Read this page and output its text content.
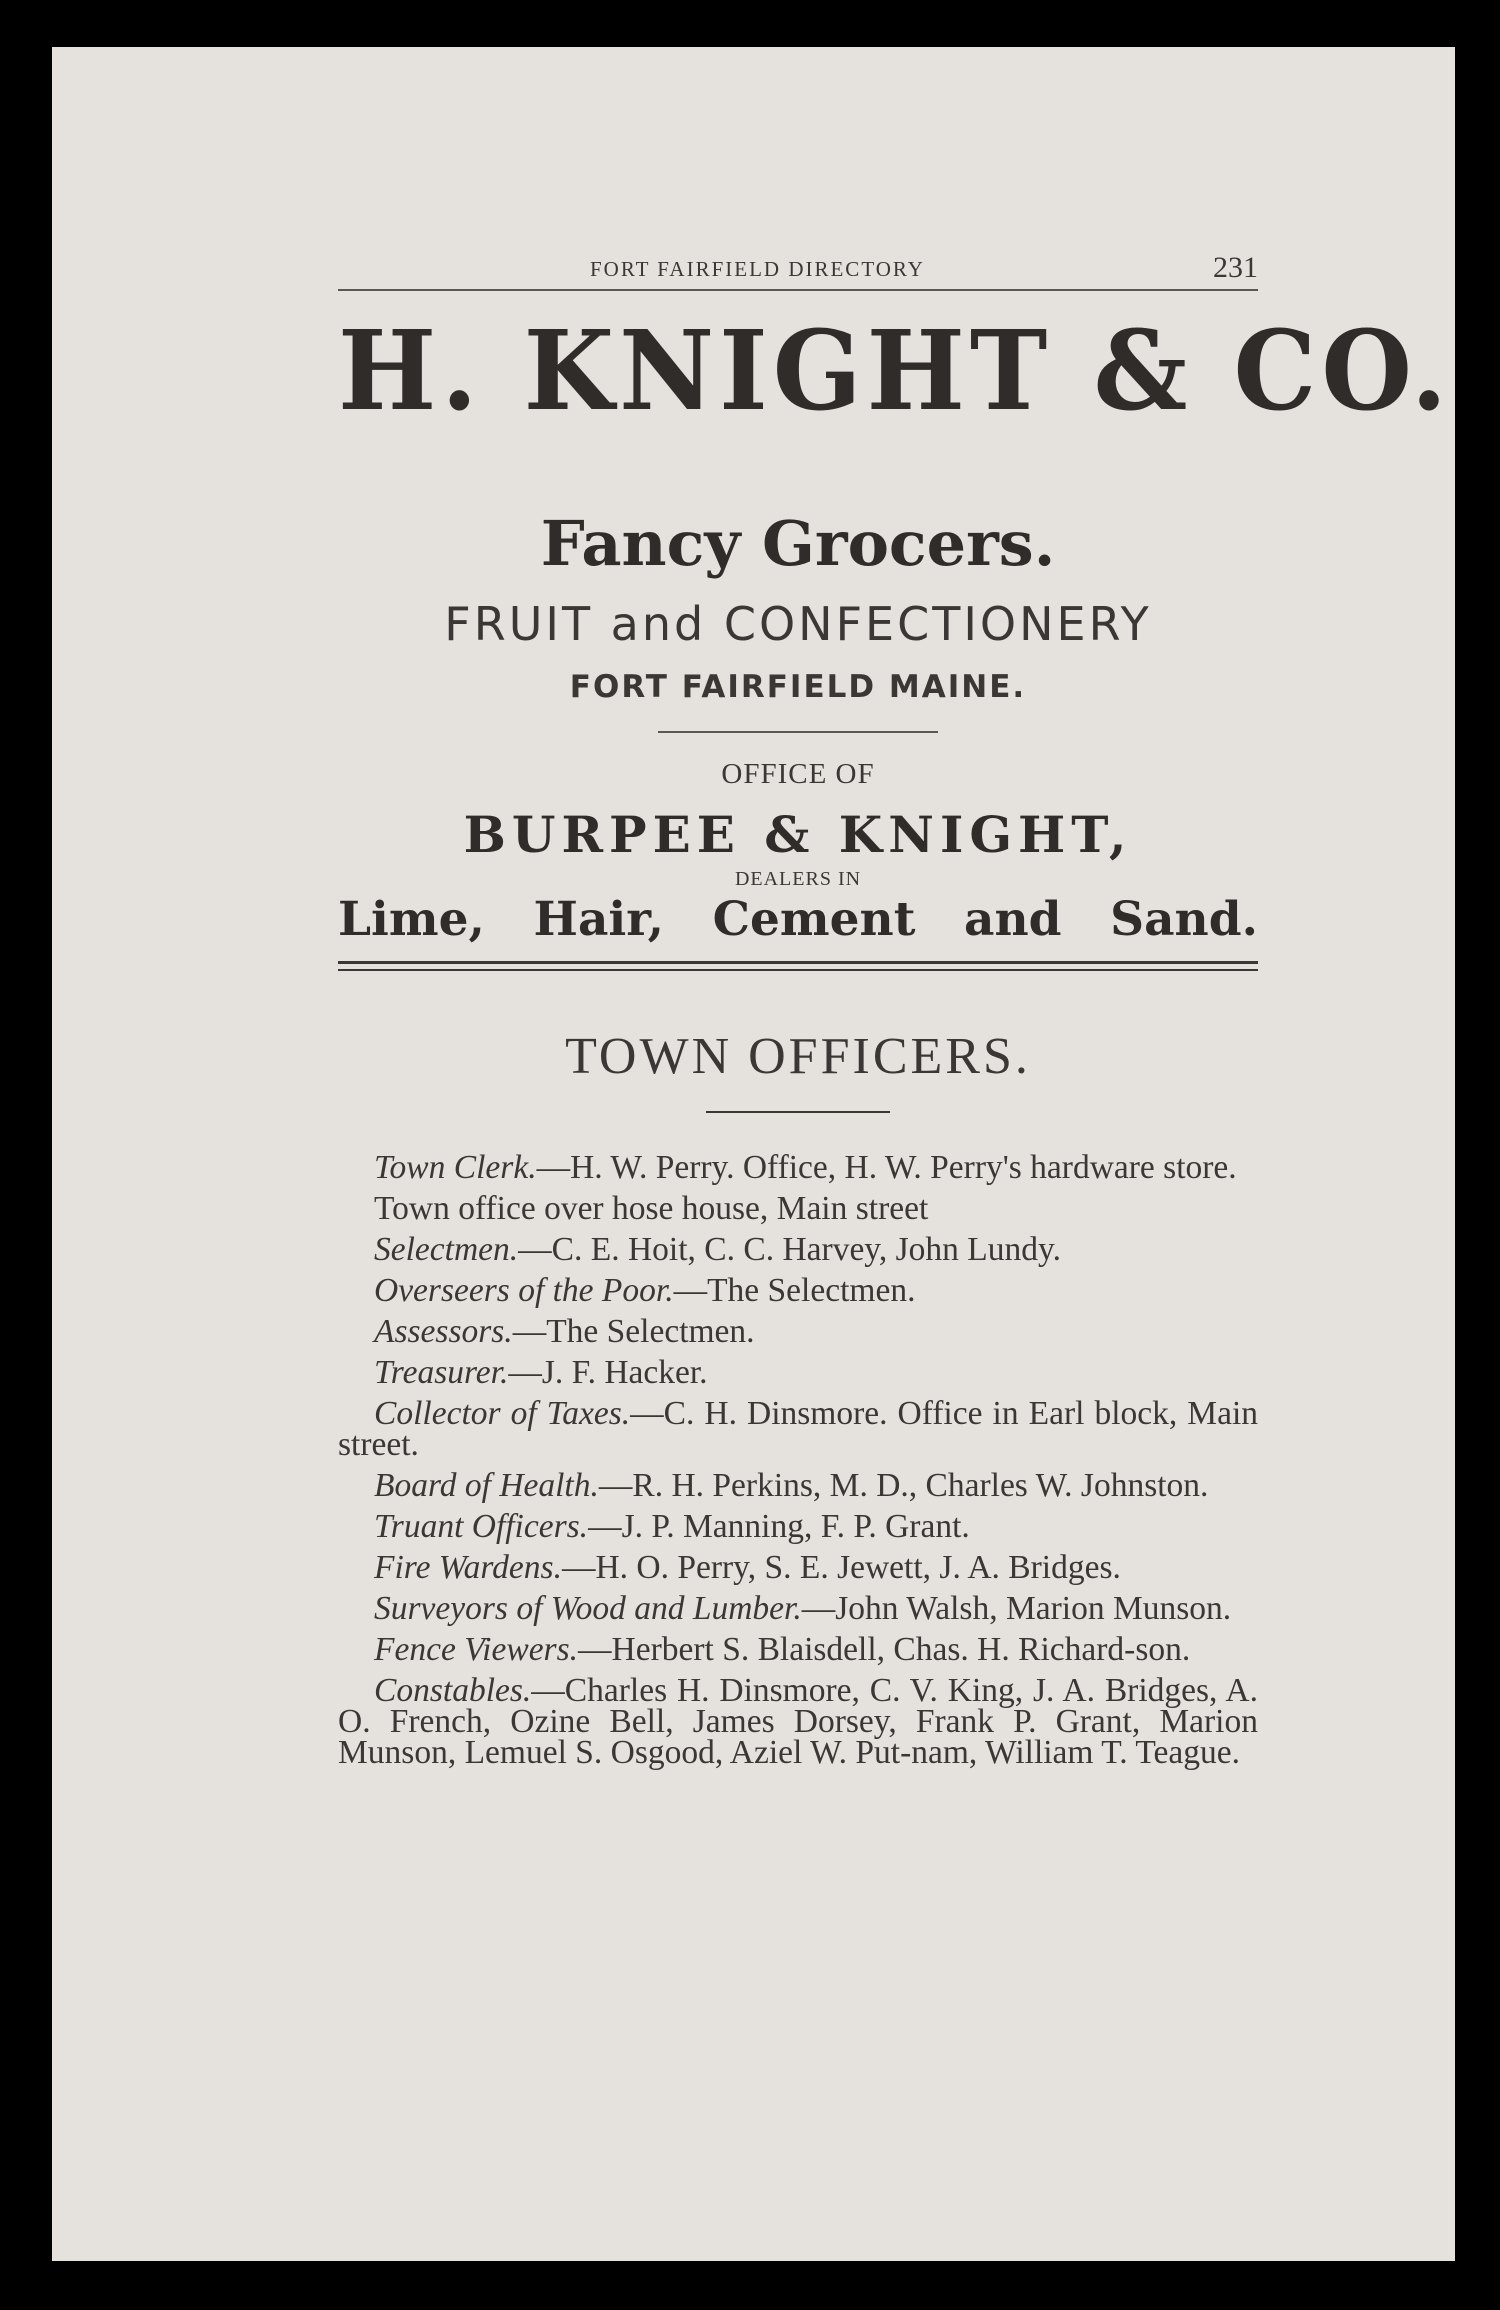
FORT FAIRFIELD DIRECTORY	231
H. KNIGHT & CO.
Fancy Grocers.
FRUIT and CONFECTIONERY
FORT FAIRFIELD MAINE.
OFFICE OF
BURPEE & KNIGHT,
DEALERS IN
Lime, Hair, Cement and Sand.
TOWN OFFICERS.

Town Clerk.—H. W. Perry. Office, H. W. Perry's hardware store.

Town office over hose house, Main street

Selectmen.—C. E. Hoit, C. C. Harvey, John Lundy.

Overseers of the Poor.—The Selectmen.

Assessors.—The Selectmen.

Treasurer.—J. F. Hacker.

Collector of Taxes.—C. H. Dinsmore. Office in Earl block, Main street.

Board of Health.—R. H. Perkins, M. D., Charles W. Johnston.

Truant Officers.—J. P. Manning, F. P. Grant.

Fire Wardens.—H. O. Perry, S. E. Jewett, J. A. Bridges.

Surveyors of Wood and Lumber.—John Walsh, Marion Munson.

Fence Viewers.—Herbert S. Blaisdell, Chas. H. Richard-son.

Constables.—Charles H. Dinsmore, C. V. King, J. A. Bridges, A. O. French, Ozine Bell, James Dorsey, Frank P. Grant, Marion Munson, Lemuel S. Osgood, Aziel W. Put-nam, William T. Teague.
